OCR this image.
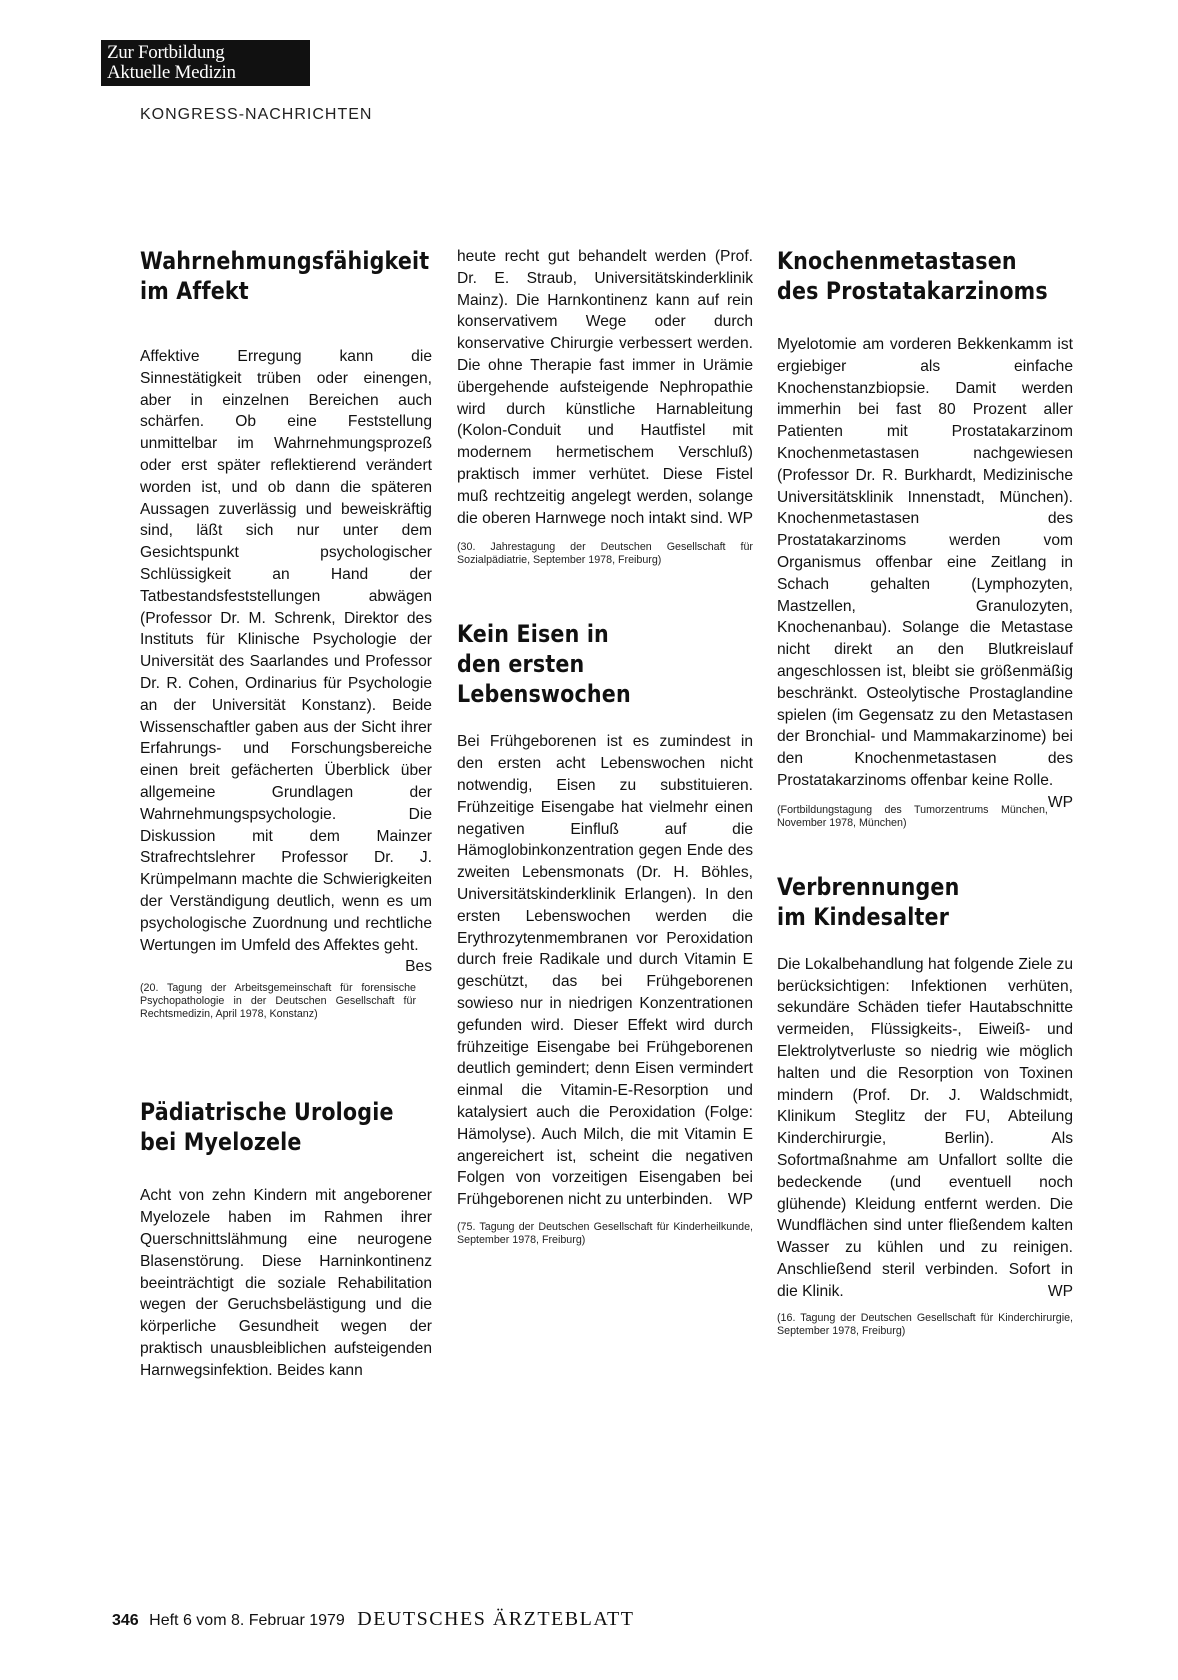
Zur Fortbildung
Aktuelle Medizin
KONGRESS-NACHRICHTEN
Wahrnehmungsfähigkeit
im Affekt

Affektive Erregung kann die Sinnestätigkeit trüben oder einengen, aber in einzelnen Bereichen auch schärfen. Ob eine Feststellung unmittelbar im Wahrnehmungsprozeß oder erst später reflektierend verändert worden ist, und ob dann die späteren Aussagen zuverlässig und beweiskräftig sind, läßt sich nur unter dem Gesichtspunkt psychologischer Schlüssigkeit an Hand der Tatbestandsfeststellungen abwägen (Professor Dr. M. Schrenk, Direktor des Instituts für Klinische Psychologie der Universität des Saarlandes und Professor Dr. R. Cohen, Ordinarius für Psychologie an der Universität Konstanz). Beide Wissenschaftler gaben aus der Sicht ihrer Erfahrungs- und Forschungsbereiche einen breit gefächerten Überblick über allgemeine Grundlagen der Wahrnehmungspsychologie. Die Diskussion mit dem Mainzer Strafrechtslehrer Professor Dr. J. Krümpelmann machte die Schwierigkeiten der Verständigung deutlich, wenn es um psychologische Zuordnung und rechtliche Wertungen im Umfeld des Affektes geht.
Bes

(20. Tagung der Arbeitsgemeinschaft für forensische Psychopathologie in der Deutschen Gesellschaft für Rechtsmedizin, April 1978, Konstanz)

Pädiatrische Urologie
bei Myelozele

Acht von zehn Kindern mit angeborener Myelozele haben im Rahmen ihrer Querschnittslähmung eine neurogene Blasenstörung. Diese Harninkontinenz beeinträchtigt die soziale Rehabilitation wegen der Geruchsbelästigung und die körperliche Gesundheit wegen der praktisch unausbleiblichen aufsteigenden Harnwegsinfektion. Beides kann

heute recht gut behandelt werden (Prof. Dr. E. Straub, Universitätskinderklinik Mainz). Die Harnkontinenz kann auf rein konservativem Wege oder durch konservative Chirurgie verbessert werden. Die ohne Therapie fast immer in Urämie übergehende aufsteigende Nephropathie wird durch künstliche Harnableitung (Kolon-Conduit und Hautfistel mit modernem hermetischem Verschluß) praktisch immer verhütet. Diese Fistel muß rechtzeitig angelegt werden, solange die oberen Harnwege noch intakt sind. WP

(30. Jahrestagung der Deutschen Gesellschaft für Sozialpädiatrie, September 1978, Freiburg)

Kein Eisen in
den ersten
Lebenswochen

Bei Frühgeborenen ist es zumindest in den ersten acht Lebenswochen nicht notwendig, Eisen zu substituieren. Frühzeitige Eisengabe hat vielmehr einen negativen Einfluß auf die Hämoglobinkonzentration gegen Ende des zweiten Lebensmonats (Dr. H. Böhles, Universitätskinderklinik Erlangen). In den ersten Lebenswochen werden die Erythrozytenmembranen vor Peroxidation durch freie Radikale und durch Vitamin E geschützt, das bei Frühgeborenen sowieso nur in niedrigen Konzentrationen gefunden wird. Dieser Effekt wird durch frühzeitige Eisengabe bei Frühgeborenen deutlich gemindert; denn Eisen vermindert einmal die Vitamin-E-Resorption und katalysiert auch die Peroxidation (Folge: Hämolyse). Auch Milch, die mit Vitamin E angereichert ist, scheint die negativen Folgen von vorzeitigen Eisengaben bei Frühgeborenen nicht zu unterbinden. WP

(75. Tagung der Deutschen Gesellschaft für Kinderheilkunde, September 1978, Freiburg)

Knochenmetastasen
des Prostatakarzinoms

Myelotomie am vorderen Bekkenkamm ist ergiebiger als einfache Knochenstanzbiopsie. Damit werden immerhin bei fast 80 Prozent aller Patienten mit Prostatakarzinom Knochenmetastasen nachgewiesen (Professor Dr. R. Burkhardt, Medizinische Universitätsklinik Innenstadt, München). Knochenmetastasen des Prostatakarzinoms werden vom Organismus offenbar eine Zeitlang in Schach gehalten (Lymphozyten, Mastzellen, Granulozyten, Knochenanbau). Solange die Metastase nicht direkt an den Blutkreislauf angeschlossen ist, bleibt sie größenmäßig beschränkt. Osteolytische Prostaglandine spielen (im Gegensatz zu den Metastasen der Bronchial- und Mammakarzinome) bei den Knochenmetastasen des Prostatakarzinoms offenbar keine Rolle.
WP

(Fortbildungstagung des Tumorzentrums München, November 1978, München)

Verbrennungen
im Kindesalter

Die Lokalbehandlung hat folgende Ziele zu berücksichtigen: Infektionen verhüten, sekundäre Schäden tiefer Hautabschnitte vermeiden, Flüssigkeits-, Eiweiß- und Elektrolytverluste so niedrig wie möglich halten und die Resorption von Toxinen mindern (Prof. Dr. J. Waldschmidt, Klinikum Steglitz der FU, Abteilung Kinderchirurgie, Berlin). Als Sofortmaßnahme am Unfallort sollte die bedeckende (und eventuell noch glühende) Kleidung entfernt werden. Die Wundflächen sind unter fließendem kalten Wasser zu kühlen und zu reinigen. Anschließend steril verbinden. Sofort in die Klinik.	WP

(16. Tagung der Deutschen Gesellschaft für Kinderchirurgie, September 1978, Freiburg)

346 Heft 6 vom 8. Februar 1979 DEUTSCHES ÄRZTEBLATT
